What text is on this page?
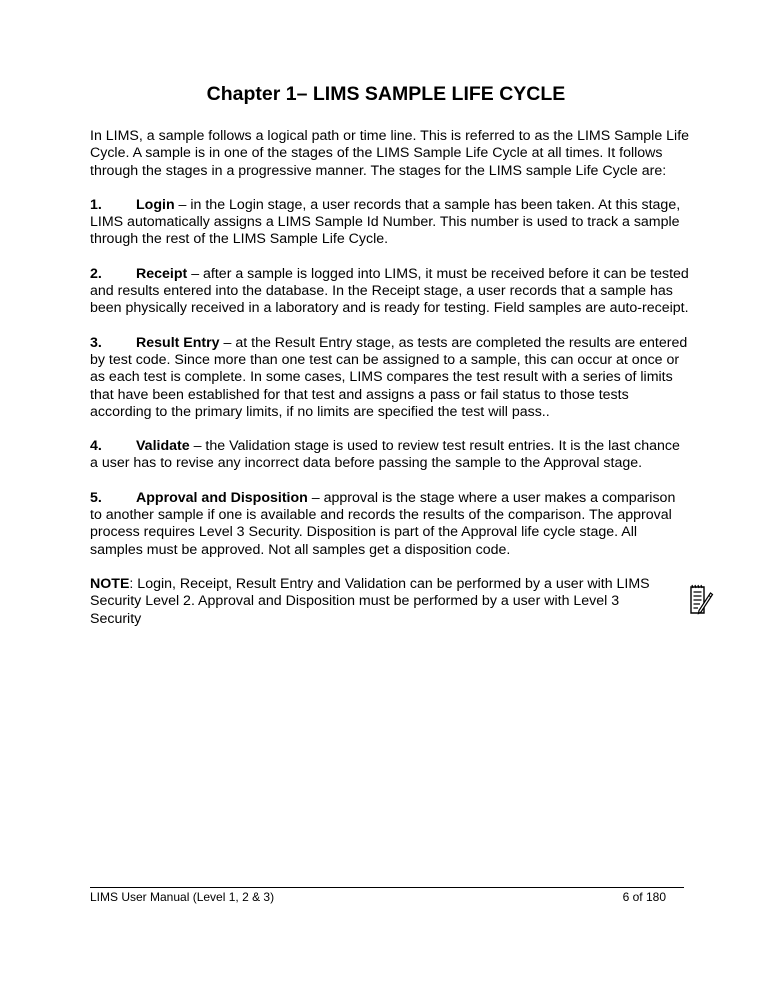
Chapter 1– LIMS SAMPLE LIFE CYCLE

In LIMS, a sample follows a logical path or time line. This is referred to as the LIMS Sample Life Cycle. A sample is in one of the stages of the LIMS Sample Life Cycle at all times. It follows through the stages in a progressive manner. The stages for the LIMS sample Life Cycle are:

1. Login – in the Login stage, a user records that a sample has been taken. At this stage, LIMS automatically assigns a LIMS Sample Id Number. This number is used to track a sample through the rest of the LIMS Sample Life Cycle.

2. Receipt – after a sample is logged into LIMS, it must be received before it can be tested and results entered into the database. In the Receipt stage, a user records that a sample has been physically received in a laboratory and is ready for testing. Field samples are auto-receipt.

3. Result Entry – at the Result Entry stage, as tests are completed the results are entered by test code. Since more than one test can be assigned to a sample, this can occur at once or as each test is complete. In some cases, LIMS compares the test result with a series of limits that have been established for that test and assigns a pass or fail status to those tests according to the primary limits, if no limits are specified the test will pass..

4. Validate – the Validation stage is used to review test result entries. It is the last chance a user has to revise any incorrect data before passing the sample to the Approval stage.

5. Approval and Disposition – approval is the stage where a user makes a comparison to another sample if one is available and records the results of the comparison. The approval process requires Level 3 Security. Disposition is part of the Approval life cycle stage. All samples must be approved. Not all samples get a disposition code.

NOTE: Login, Receipt, Result Entry and Validation can be performed by a user with LIMS Security Level 2. Approval and Disposition must be performed by a user with Level 3 Security

LIMS User Manual (Level 1, 2 & 3)	6 of 180
